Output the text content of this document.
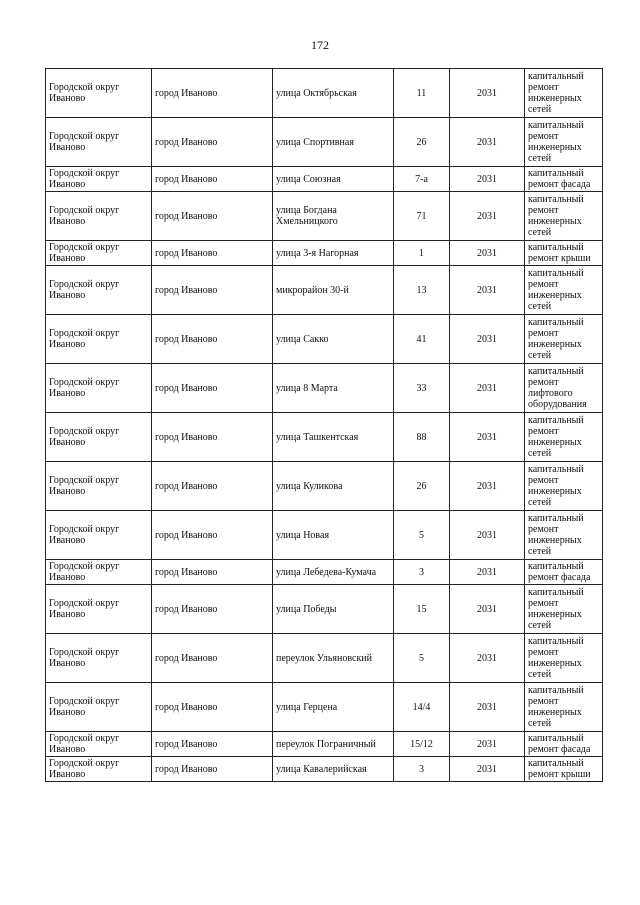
172
Городской округ Иваново	город Иваново	улица Октябрьская	11	2031	капитальный ремонт инженерных сетей
Городской округ Иваново	город Иваново	улица Спортивная	26	2031	капитальный ремонт инженерных сетей
Городской округ Иваново	город Иваново	улица Союзная	7-а	2031	капитальный ремонт фасада
Городской округ Иваново	город Иваново	улица Богдана Хмельницкого	71	2031	капитальный ремонт инженерных сетей
Городской округ Иваново	город Иваново	улица 3-я Нагорная	1	2031	капитальный ремонт крыши
Городской округ Иваново	город Иваново	микрорайон 30-й	13	2031	капитальный ремонт инженерных сетей
Городской округ Иваново	город Иваново	улица Сакко	41	2031	капитальный ремонт инженерных сетей
Городской округ Иваново	город Иваново	улица 8 Марта	33	2031	капитальный ремонт лифтового оборудования
Городской округ Иваново	город Иваново	улица Ташкентская	88	2031	капитальный ремонт инженерных сетей
Городской округ Иваново	город Иваново	улица Куликова	26	2031	капитальный ремонт инженерных сетей
Городской округ Иваново	город Иваново	улица Новая	5	2031	капитальный ремонт инженерных сетей
Городской округ Иваново	город Иваново	улица Лебедева-Кумача	3	2031	капитальный ремонт фасада
Городской округ Иваново	город Иваново	улица Победы	15	2031	капитальный ремонт инженерных сетей
Городской округ Иваново	город Иваново	переулок Ульяновский	5	2031	капитальный ремонт инженерных сетей
Городской округ Иваново	город Иваново	улица Герцена	14/4	2031	капитальный ремонт инженерных сетей
Городской округ Иваново	город Иваново	переулок Пограничный	15/12	2031	капитальный ремонт фасада
Городской округ Иваново	город Иваново	улица Кавалерийская	3	2031	капитальный ремонт крыши
